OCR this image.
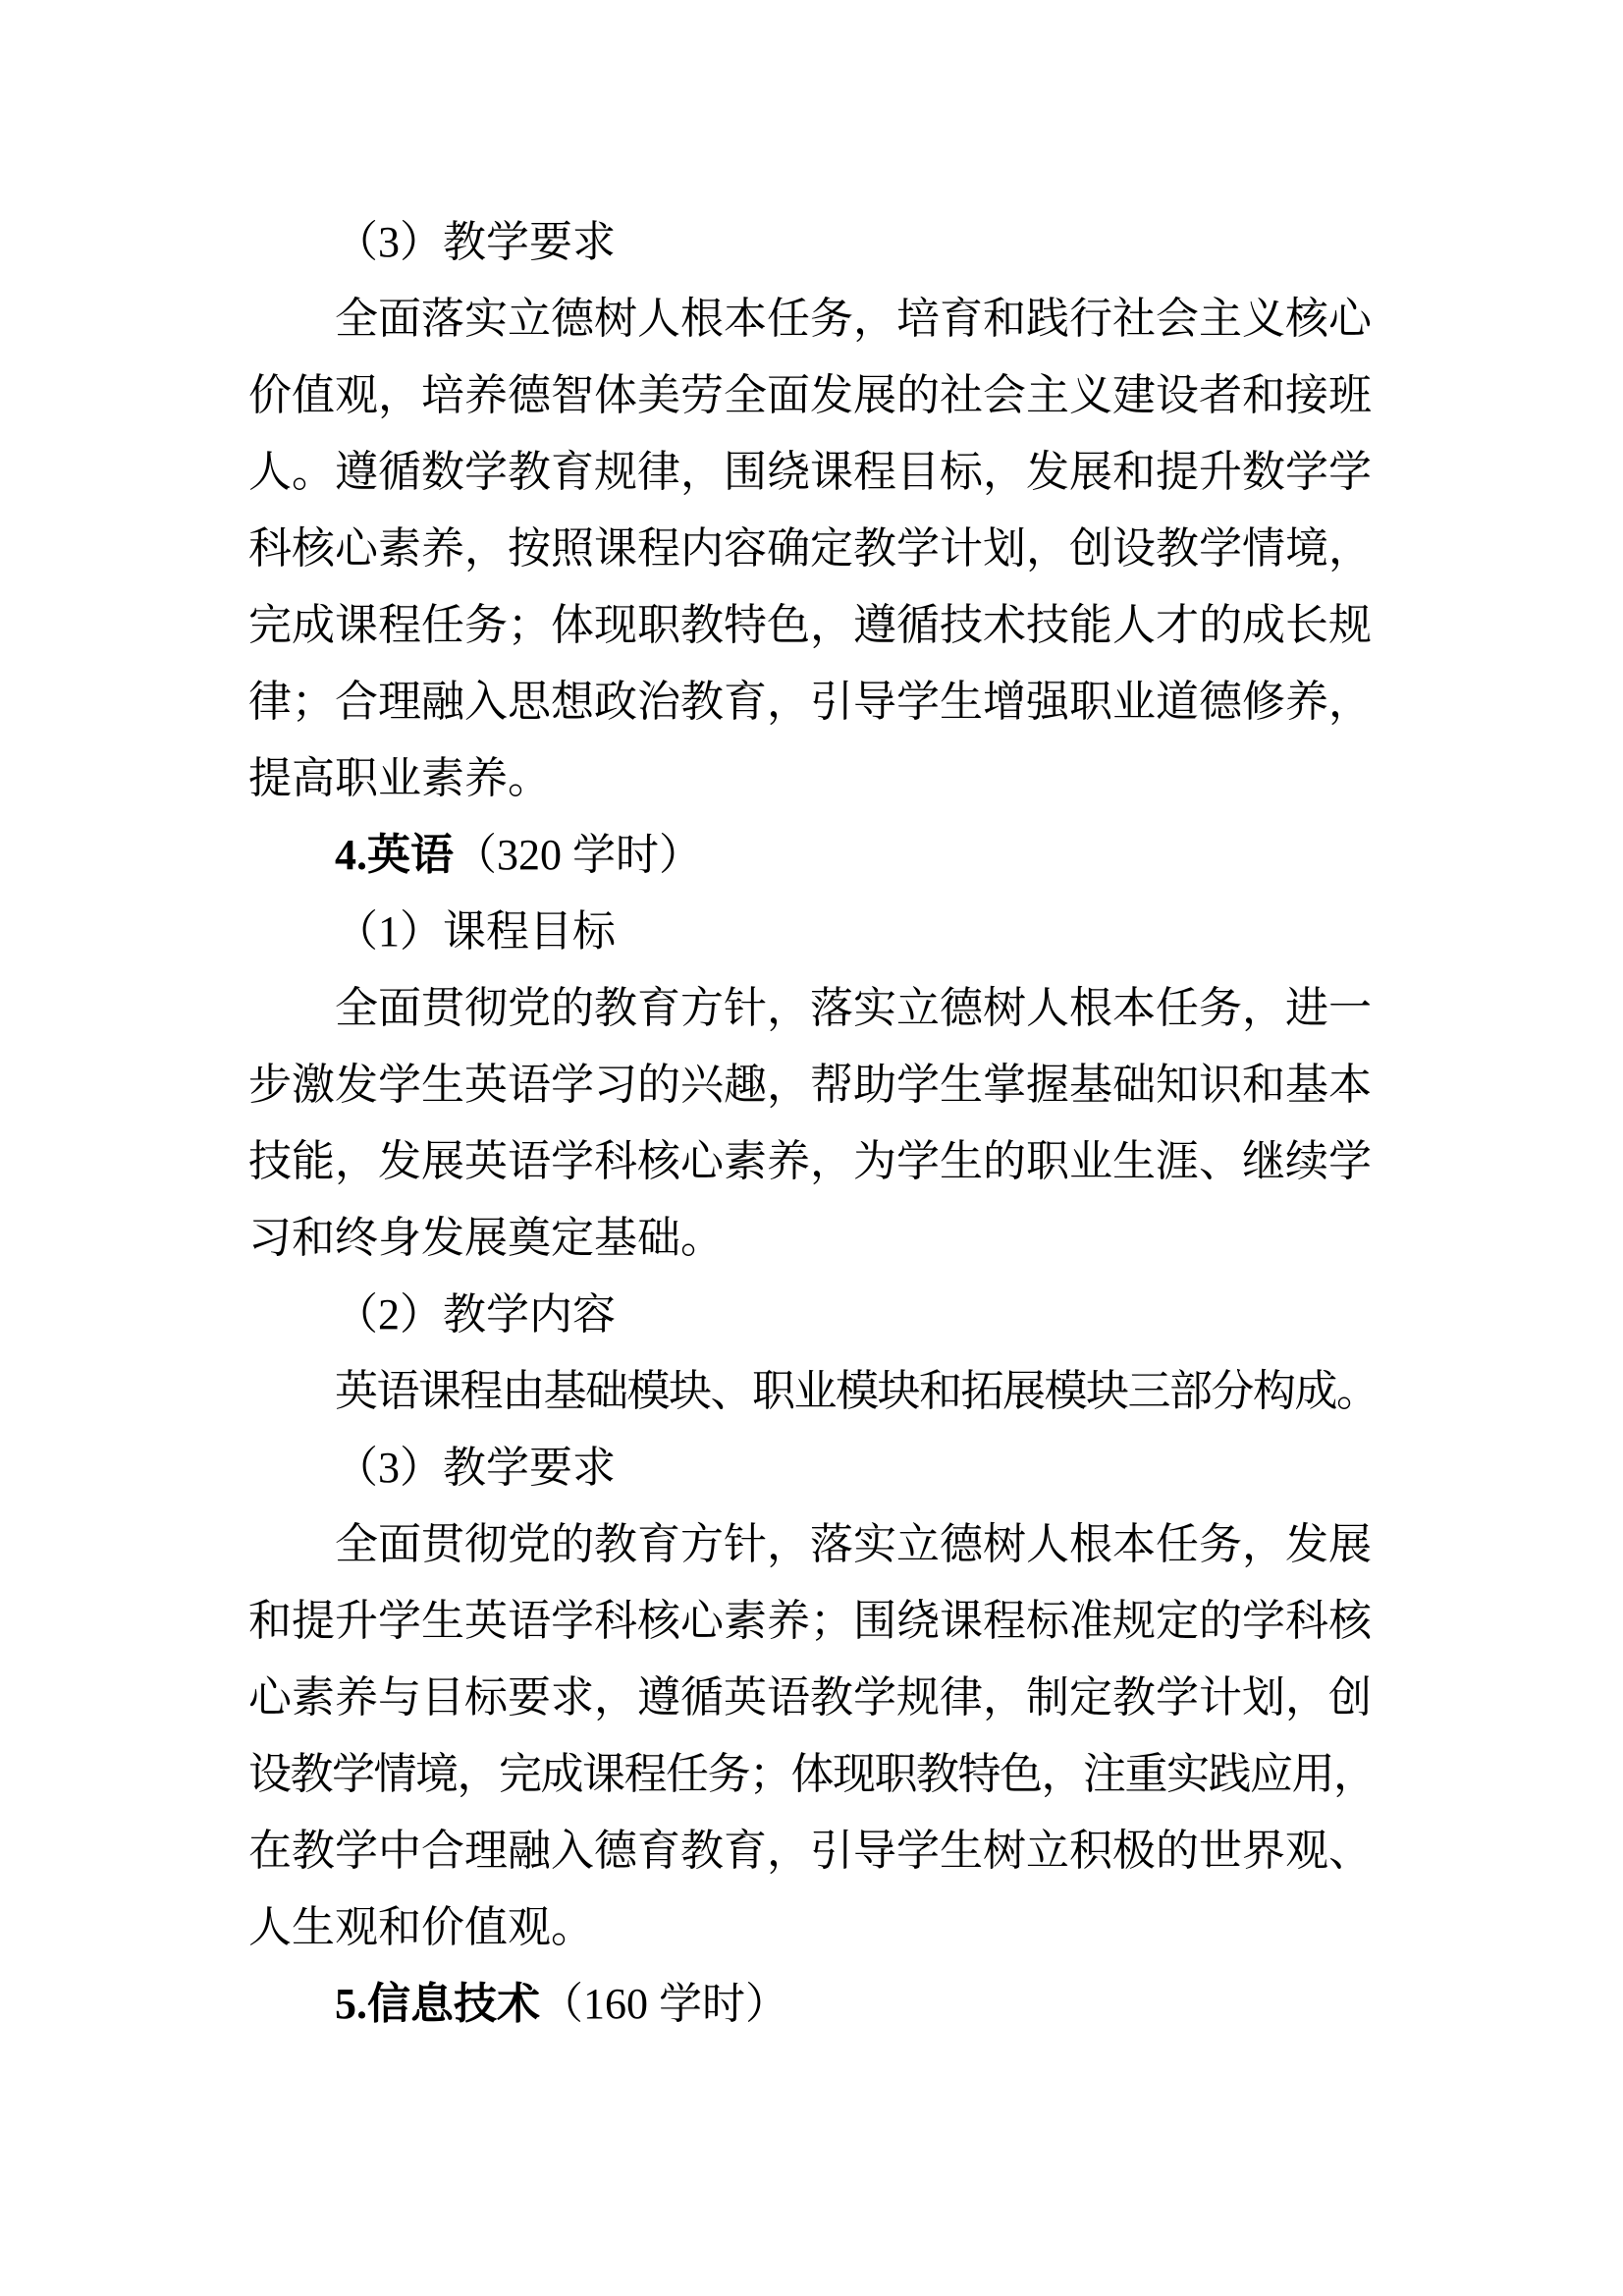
（3）教学要求
全面落实立德树人根本任务，培育和践行社会主义核心
价值观，培养德智体美劳全面发展的社会主义建设者和接班
人。遵循数学教育规律，围绕课程目标，发展和提升数学学
科核心素养，按照课程内容确定教学计划，创设教学情境，
完成课程任务；体现职教特色，遵循技术技能人才的成长规
律；合理融入思想政治教育，引导学生增强职业道德修养，
提高职业素养。
4.英语（320 学时）
（1）课程目标
全面贯彻党的教育方针，落实立德树人根本任务，进一
步激发学生英语学习的兴趣，帮助学生掌握基础知识和基本
技能，发展英语学科核心素养，为学生的职业生涯、继续学
习和终身发展奠定基础。
（2）教学内容
英语课程由基础模块、职业模块和拓展模块三部分构成。
（3）教学要求
全面贯彻党的教育方针，落实立德树人根本任务，发展
和提升学生英语学科核心素养；围绕课程标准规定的学科核
心素养与目标要求，遵循英语教学规律，制定教学计划，创
设教学情境，完成课程任务；体现职教特色，注重实践应用，
在教学中合理融入德育教育，引导学生树立积极的世界观、
人生观和价值观。
5.信息技术（160 学时）
